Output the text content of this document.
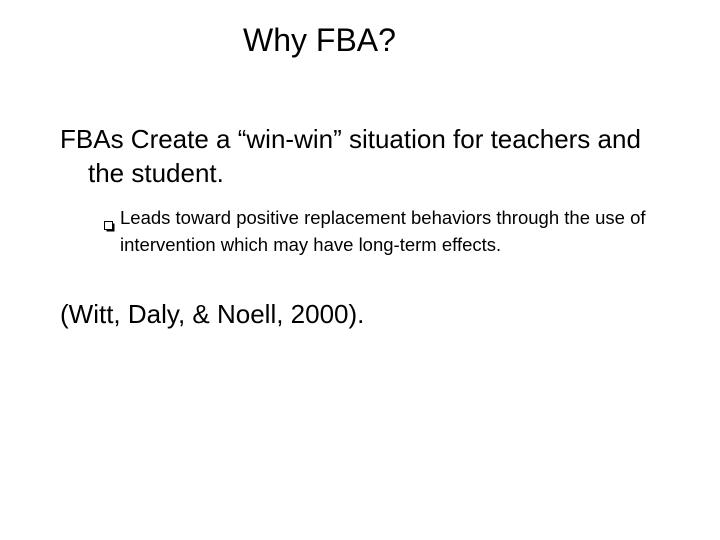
Why FBA?
FBAs Create a “win-win” situation for teachers and the student.
Leads toward positive replacement behaviors through the use of intervention which may have long-term effects.
(Witt, Daly, & Noell, 2000).
